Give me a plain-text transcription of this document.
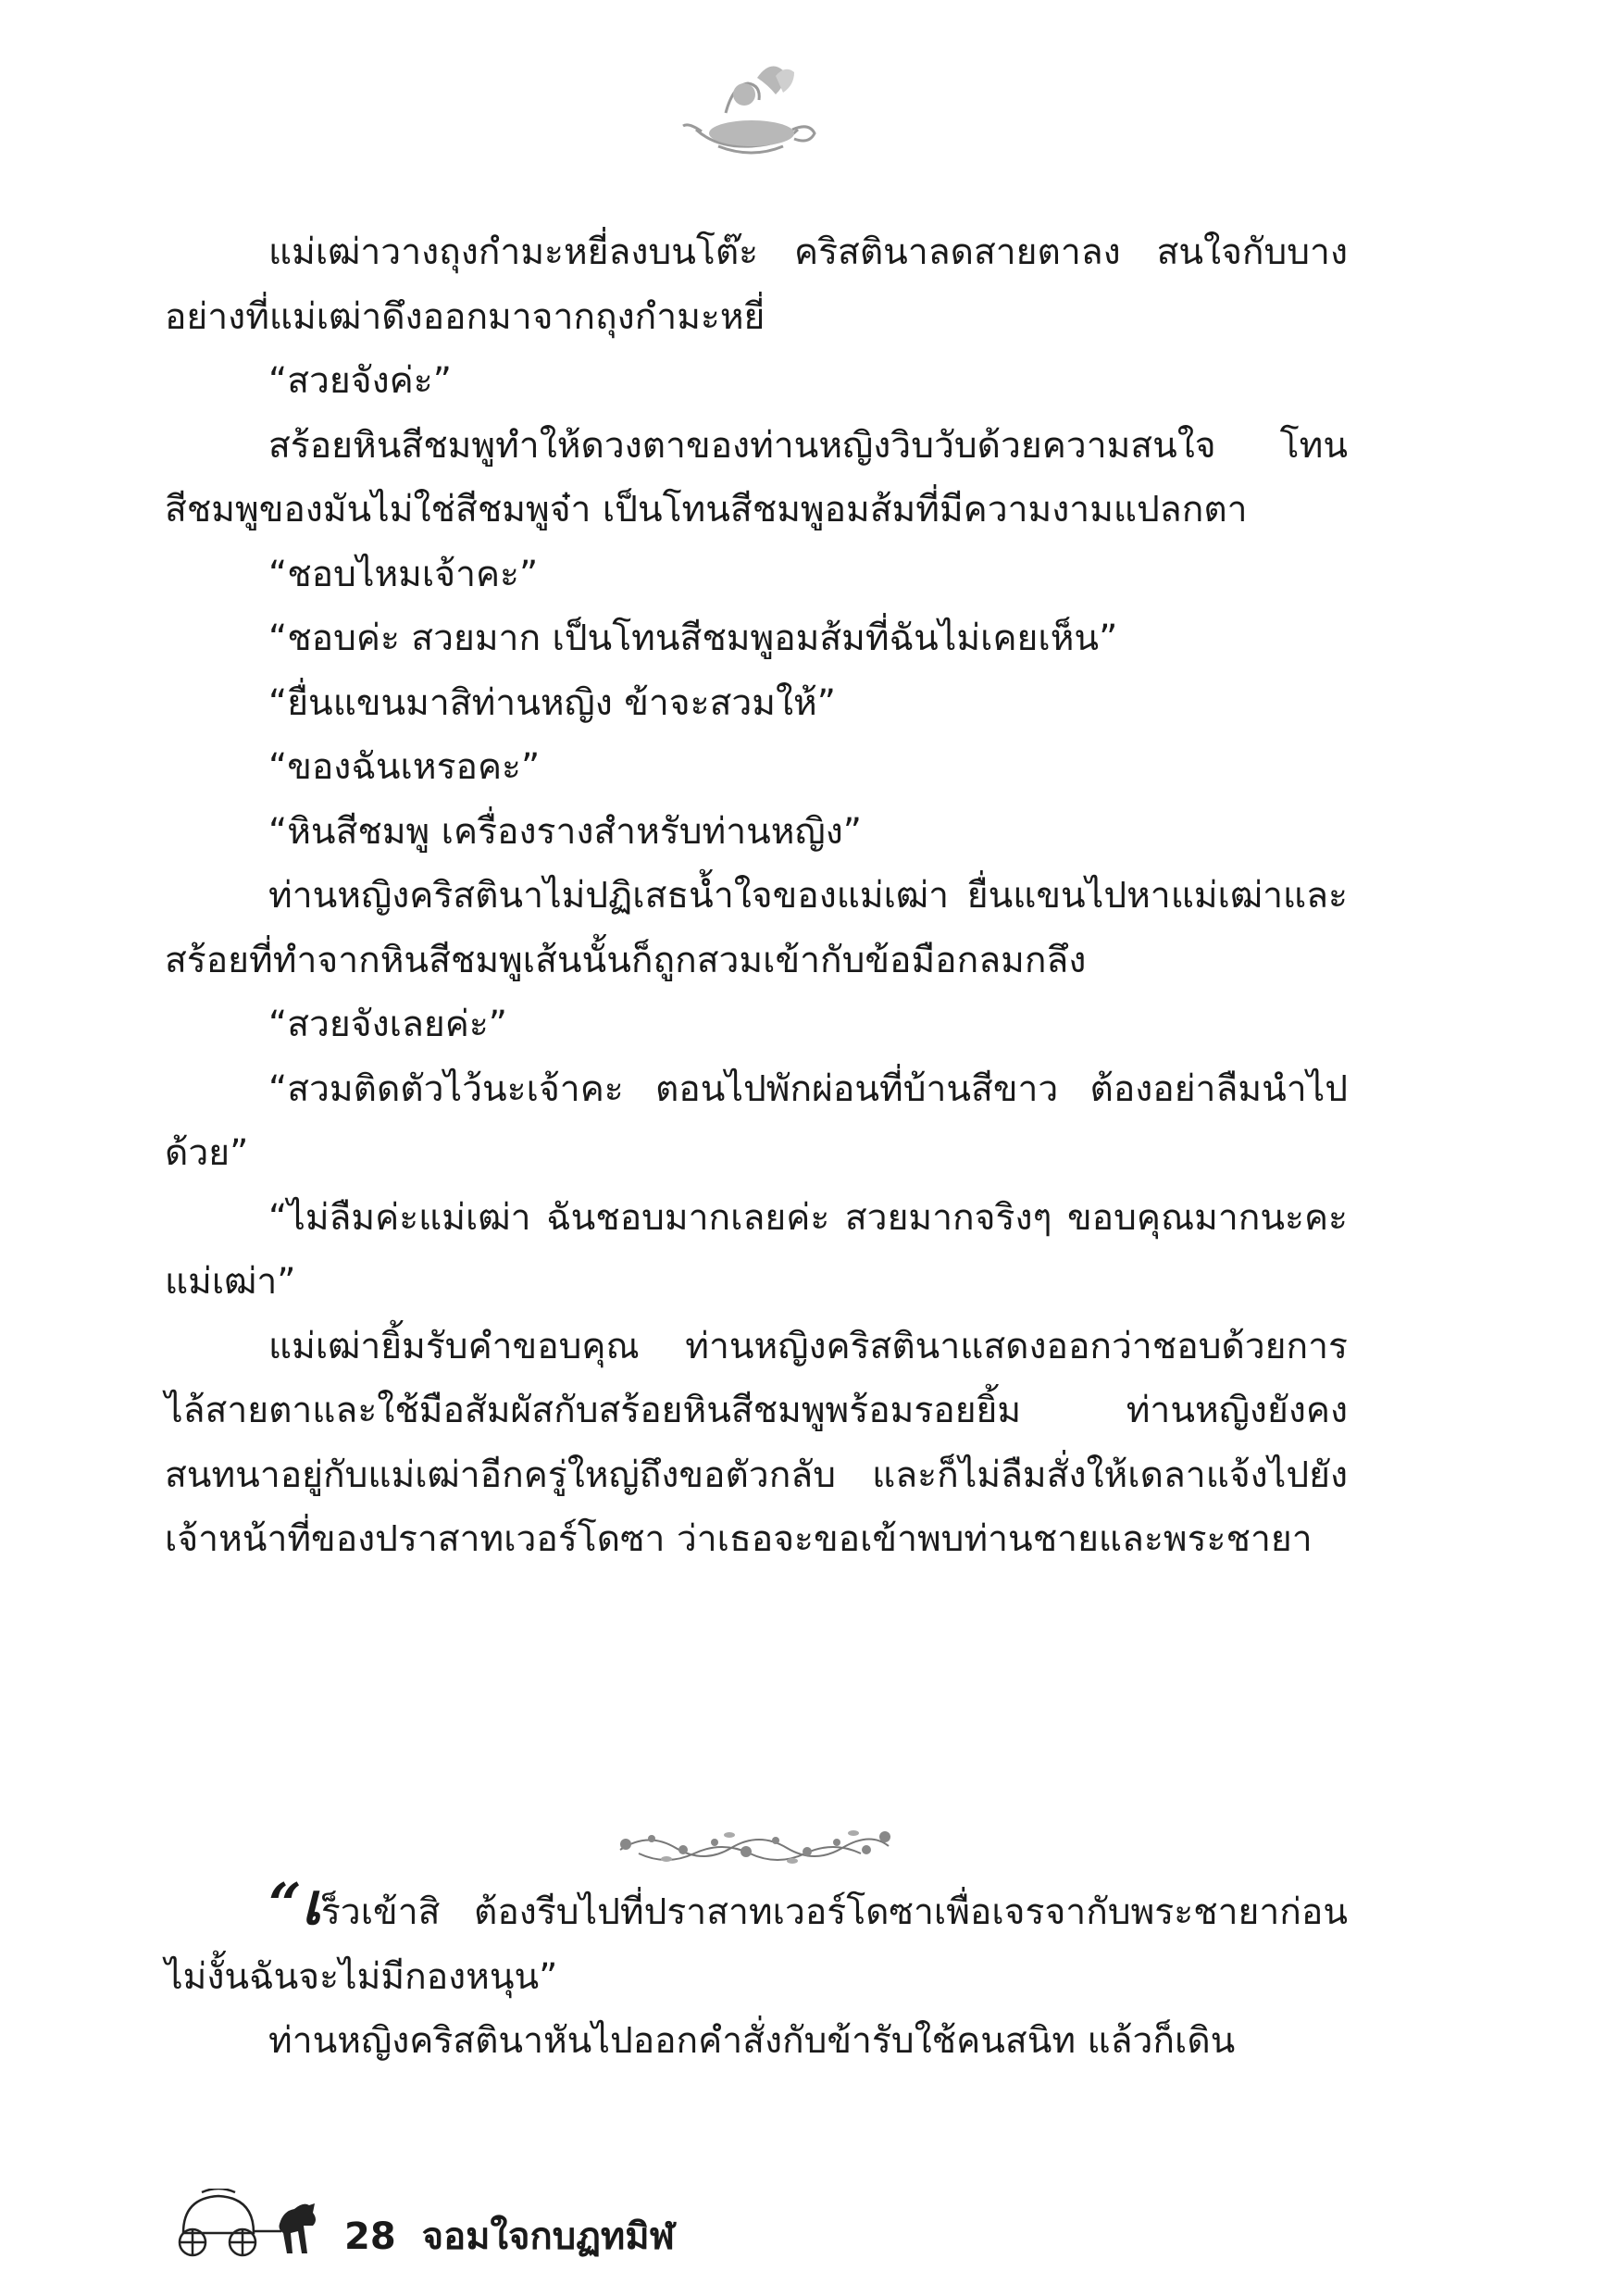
แม่เฒ่าวางถุงกำมะหยี่ลงบนโต๊ะ คริสตินาลดสายตาลง สนใจกับบางอย่างที่แม่เฒ่าดึงออกมาจากถุงกำมะหยี่

“สวยจังค่ะ”

สร้อยหินสีชมพูทำให้ดวงตาของท่านหญิงวิบวับด้วยความสนใจ โทนสีชมพูของมันไม่ใช่สีชมพูจ๋า เป็นโทนสีชมพูอมส้มที่มีความงามแปลกตา

“ชอบไหมเจ้าคะ”

“ชอบค่ะ สวยมาก เป็นโทนสีชมพูอมส้มที่ฉันไม่เคยเห็น”

“ยื่นแขนมาสิท่านหญิง ข้าจะสวมให้”

“ของฉันเหรอคะ”

“หินสีชมพู เครื่องรางสำหรับท่านหญิง”

ท่านหญิงคริสตินาไม่ปฏิเสธน้ำใจของแม่เฒ่า ยื่นแขนไปหาแม่เฒ่าและสร้อยที่ทำจากหินสีชมพูเส้นนั้นก็ถูกสวมเข้ากับข้อมือกลมกลึง

“สวยจังเลยค่ะ”

“สวมติดตัวไว้นะเจ้าคะ ตอนไปพักผ่อนที่บ้านสีขาว ต้องอย่าลืมนำไปด้วย”

“ไม่ลืมค่ะแม่เฒ่า ฉันชอบมากเลยค่ะ สวยมากจริงๆ ขอบคุณมากนะคะแม่เฒ่า”

แม่เฒ่ายิ้มรับคำขอบคุณ ท่านหญิงคริสตินาแสดงออกว่าชอบด้วยการไล้สายตาและใช้มือสัมผัสกับสร้อยหินสีชมพูพร้อมรอยยิ้ม ท่านหญิงยังคงสนทนาอยู่กับแม่เฒ่าอีกครู่ใหญ่ถึงขอตัวกลับ และก็ไม่ลืมสั่งให้เดลาแจ้งไปยังเจ้าหน้าที่ของปราสาทเวอร์โดซา ว่าเธอจะขอเข้าพบท่านชายและพระชายา

“เร็วเข้าสิ ต้องรีบไปที่ปราสาทเวอร์โดซาเพื่อเจรจากับพระชายาก่อน ไม่งั้นฉันจะไม่มีกองหนุน”

ท่านหญิงคริสตินาหันไปออกคำสั่งกับข้ารับใช้คนสนิท แล้วก็เดิน

28 จอมใจกบฏทมิฬ
